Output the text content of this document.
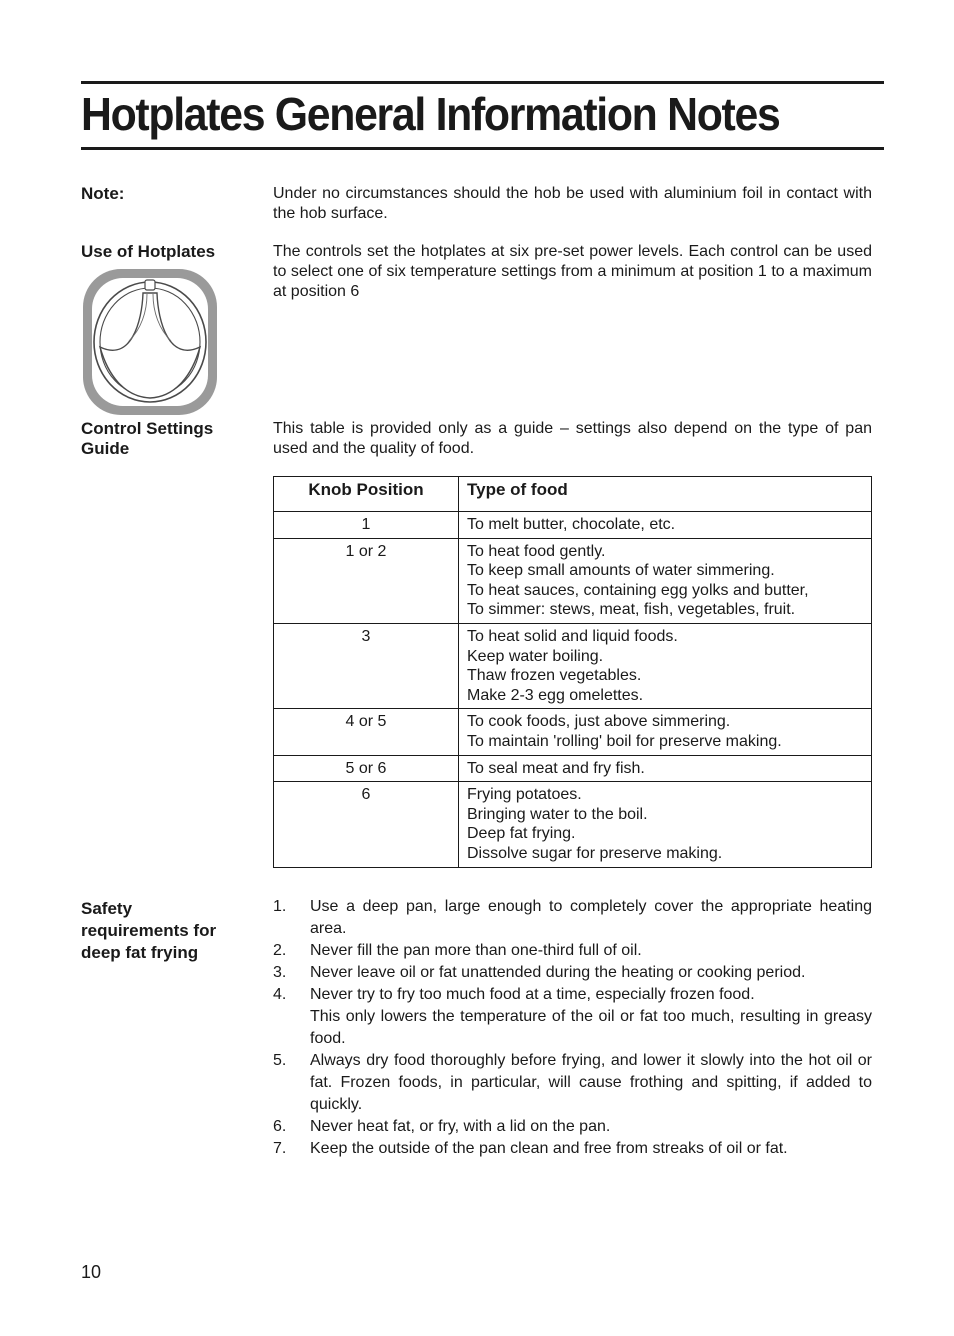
Hotplates General Information Notes
Note:	Under no circumstances should the hob be used with aluminium foil in contact with the hob surface.
Use of Hotplates	The controls set the hotplates at six pre-set power levels. Each control can be used to select one of six temperature settings from a minimum at position 1 to a maximum at position 6
Control Settings Guide
This table is provided only as a guide – settings also depend on the type of pan used and the quality of food.
Knob Position	Type of food
1	To melt butter, chocolate, etc.

1 or 2	To heat food gently.
To keep small amounts of water simmering.
To heat sauces, containing egg yolks and butter,
To simmer: stews, meat, fish, vegetables, fruit.

3	To heat solid and liquid foods.
Keep water boiling.
Thaw frozen vegetables.
Make 2-3 egg omelettes.

4 or 5	To cook foods, just above simmering.
To maintain 'rolling' boil for preserve making.

5 or 6	To seal meat and fry fish.

6	Frying potatoes.
Bringing water to the boil.
Deep fat frying.
Dissolve sugar for preserve making.
Safety requirements for deep fat frying
1. Use a deep pan, large enough to completely cover the appropriate heating area.
2. Never fill the pan more than one-third full of oil.
3. Never leave oil or fat unattended during the heating or cooking period.
4. Never try to fry too much food at a time, especially frozen food.
This only lowers the temperature of the oil or fat too much, resulting in greasy food.
5. Always dry food thoroughly before frying, and lower it slowly into the hot oil or fat. Frozen foods, in particular, will cause frothing and spitting, if added to quickly.
6. Never heat fat, or fry, with a lid on the pan.
7. Keep the outside of the pan clean and free from streaks of oil or fat.
10
